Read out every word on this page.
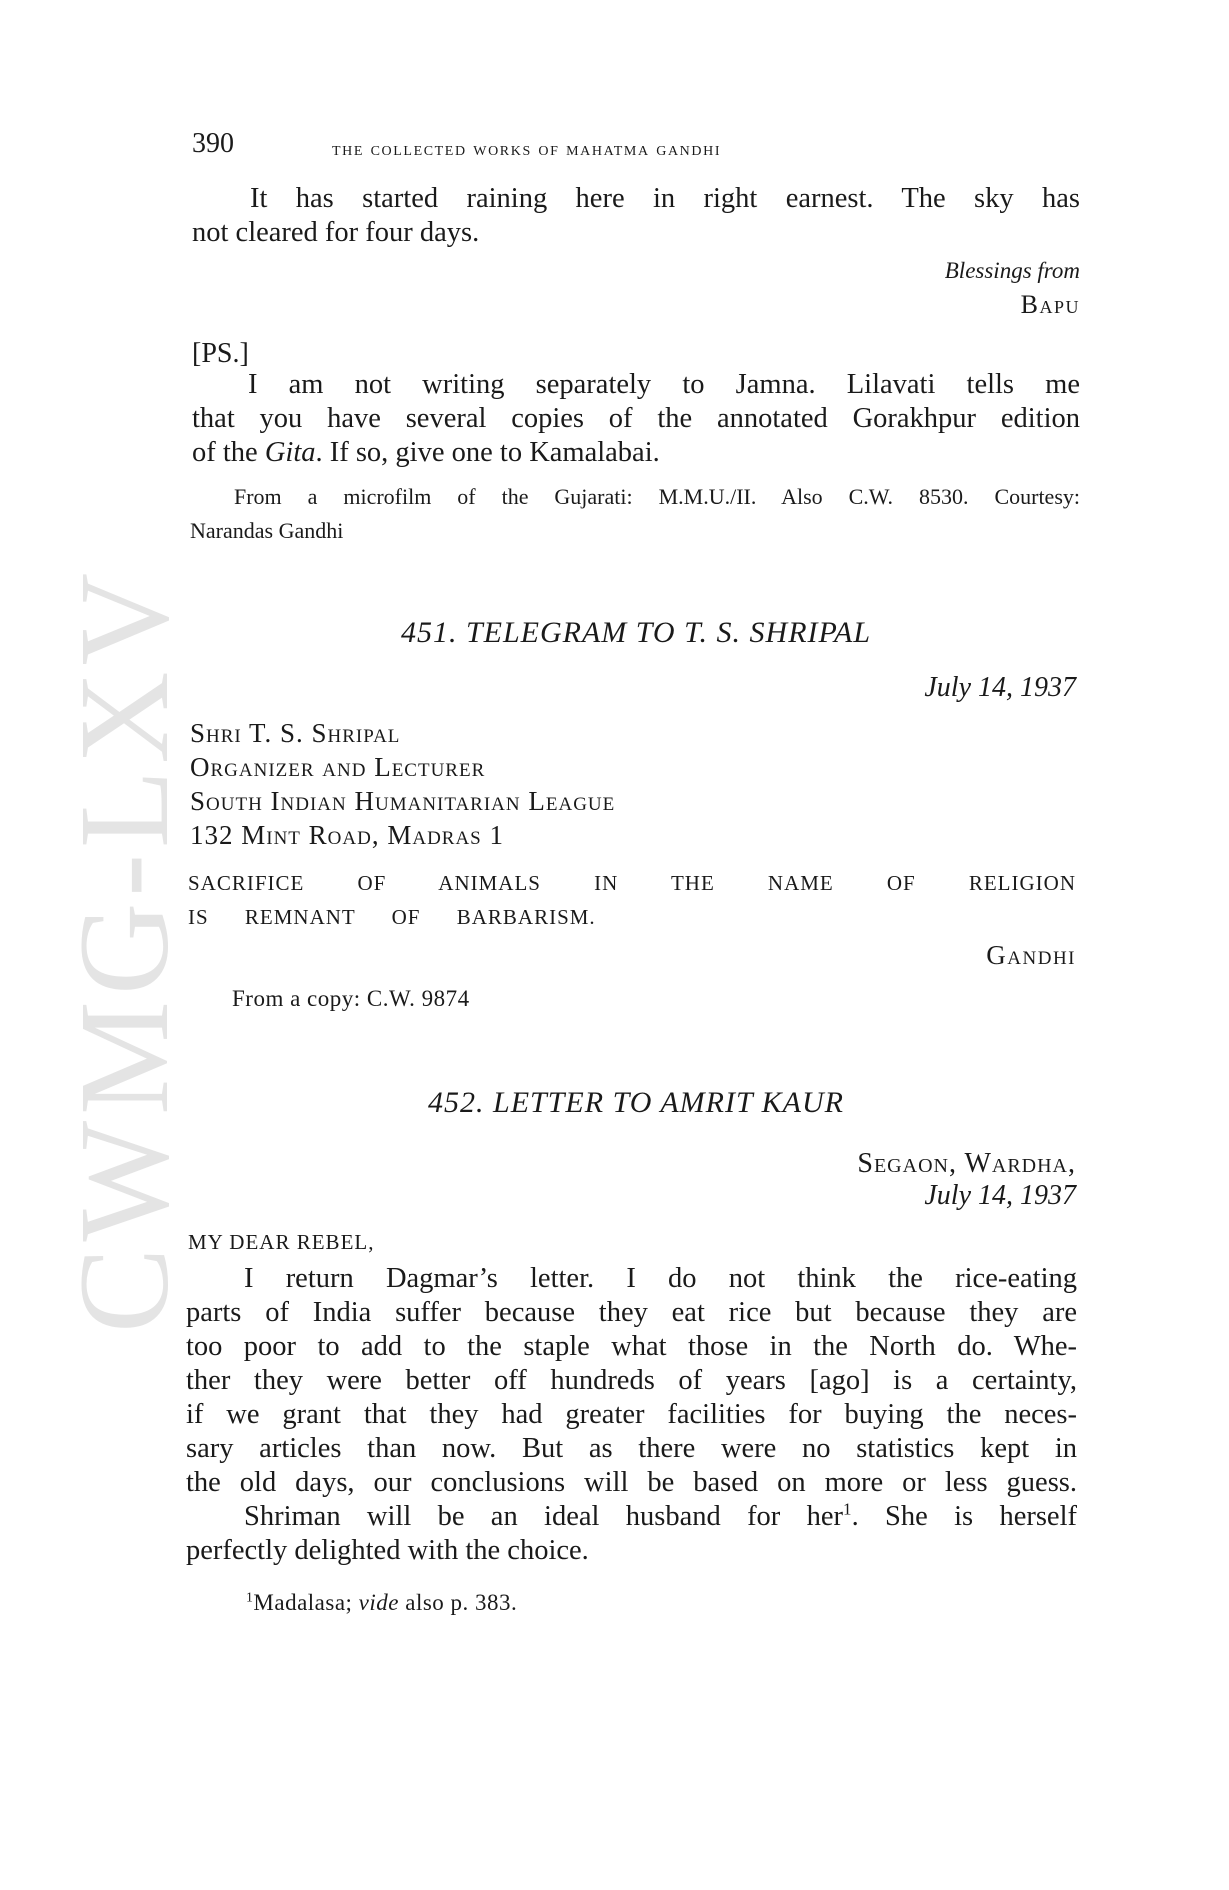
CWMG-LXV
390	the collected works of mahatma gandhi
It has started raining here in right earnest. The sky has
not cleared for four days.
Blessings from
Bapu
[PS.]
I am not writing separately to Jamna. Lilavati tells me
that you have several copies of the annotated Gorakhpur edition
of the Gita. If so, give one to Kamalabai.
From a microfilm of the Gujarati: M.M.U./II. Also C.W. 8530. Courtesy:
Narandas Gandhi
451. TELEGRAM TO T. S. SHRIPAL
July 14, 1937
Shri T. S. Shripal
Organizer and Lecturer
South Indian Humanitarian League
132 Mint Road, Madras 1
SACRIFICE OF ANIMALS IN THE NAME OF RELIGION
IS REMNANT OF BARBARISM.
Gandhi
From a copy: C.W. 9874
452. LETTER TO AMRIT KAUR
Segaon, Wardha,
July 14, 1937
MY DEAR REBEL,
I return Dagmar’s letter. I do not think the rice-eating
parts of India suffer because they eat rice but because they are
too poor to add to the staple what those in the North do. Whe-
ther they were better off hundreds of years [ago] is a certainty,
if we grant that they had greater facilities for buying the neces-
sary articles than now. But as there were no statistics kept in
the old days, our conclusions will be based on more or less guess.
Shriman will be an ideal husband for her$^1$. She is herself
perfectly delighted with the choice.
$^1$Madalasa; vide also p. 383.
